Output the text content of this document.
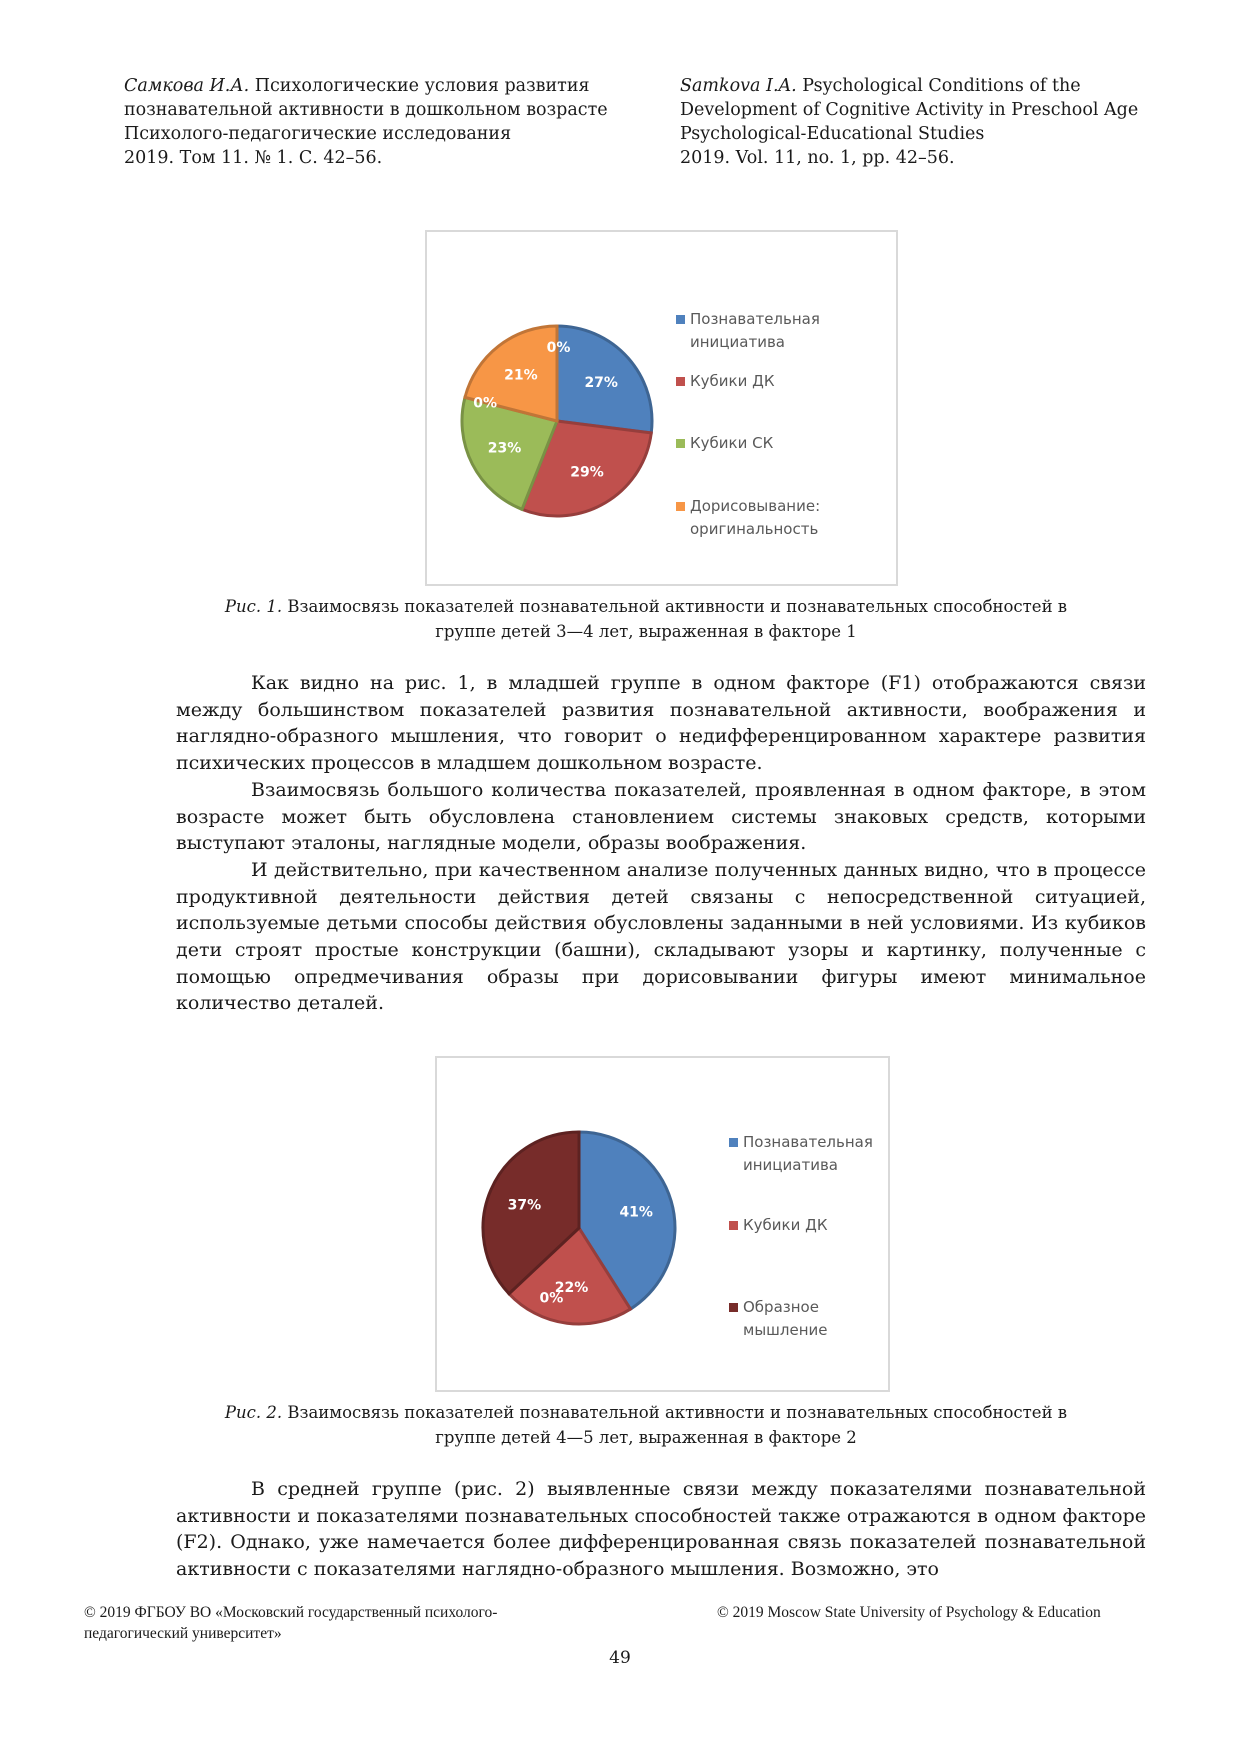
Самкова И.А. Психологические условия развития
познавательной активности в дошкольном возрасте
Психолого-педагогические исследования
2019. Том 11. № 1. С. 42–56.
Samkova I.A. Psychological Conditions of the
Development of Cognitive Activity in Preschool Age
Psychological-Educational Studies
2019. Vol. 11, no. 1, pp. 42–56.
27%
29%
23%
21%
0%
0%
Познавательная
инициатива
Кубики ДК
Кубики СК
Дорисовывание:
оригинальность
Рис. 1. Взаимосвязь показателей познавательной активности и познавательных способностей в
группе детей 3—4 лет, выраженная в факторе 1

Как видно на рис. 1, в младшей группе в одном факторе (F1) отображаются связи между большинством показателей развития познавательной активности, воображения и наглядно-образного мышления, что говорит о недифференцированном характере развития психических процессов в младшем дошкольном возрасте.

Взаимосвязь большого количества показателей, проявленная в одном факторе, в этом возрасте может быть обусловлена становлением системы знаковых средств, которыми выступают эталоны, наглядные модели, образы воображения.

И действительно, при качественном анализе полученных данных видно, что в процессе продуктивной деятельности действия детей связаны с непосредственной ситуацией, используемые детьми способы действия обусловлены заданными в ней условиями. Из кубиков дети строят простые конструкции (башни), складывают узоры и картинку, полученные с помощью опредмечивания образы при дорисовывании фигуры имеют минимальное количество деталей.

41%
22%
37%
0%
Познавательная
инициатива
Кубики ДК
Образное
мышление
Рис. 2. Взаимосвязь показателей познавательной активности и познавательных способностей в
группе детей 4—5 лет, выраженная в факторе 2

В средней группе (рис. 2) выявленные связи между показателями познавательной активности и показателями познавательных способностей также отражаются в одном факторе (F2). Однако, уже намечается более дифференцированная связь показателей познавательной активности с показателями наглядно-образного мышления. Возможно, это

© 2019 ФГБОУ ВО «Московский государственный психолого-
педагогический университет»
© 2019 Moscow State University of Psychology & Education
49
